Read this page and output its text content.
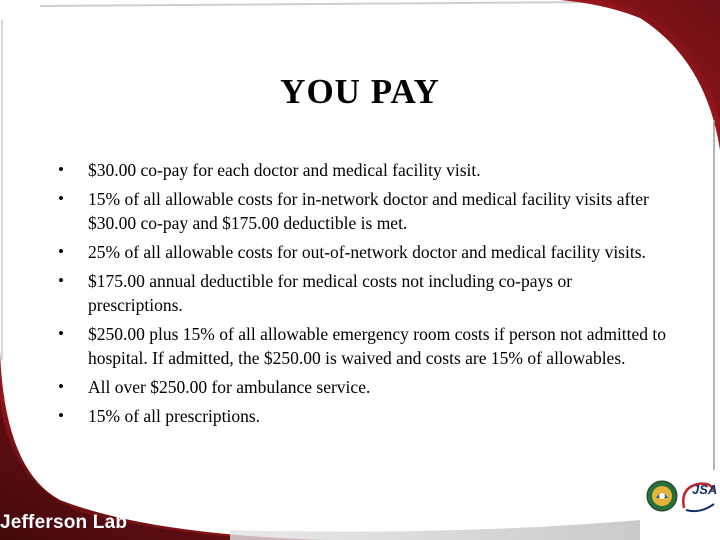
YOU PAY
• $30.00 co-pay for each doctor and medical facility visit.
• 15% of all allowable costs for in-network doctor and medical facility visits after $30.00 co-pay and $175.00 deductible is met.
• 25% of all allowable costs for out-of-network doctor and medical facility visits.
• $175.00 annual deductible for medical costs not including co-pays or prescriptions.
• $250.00 plus 15% of all allowable emergency room costs if person not admitted to hospital. If admitted, the $250.00 is waived and costs are 15% of allowables.
• All over $250.00 for ambulance service.
• 15% of all prescriptions.
Jefferson Lab
JSA
